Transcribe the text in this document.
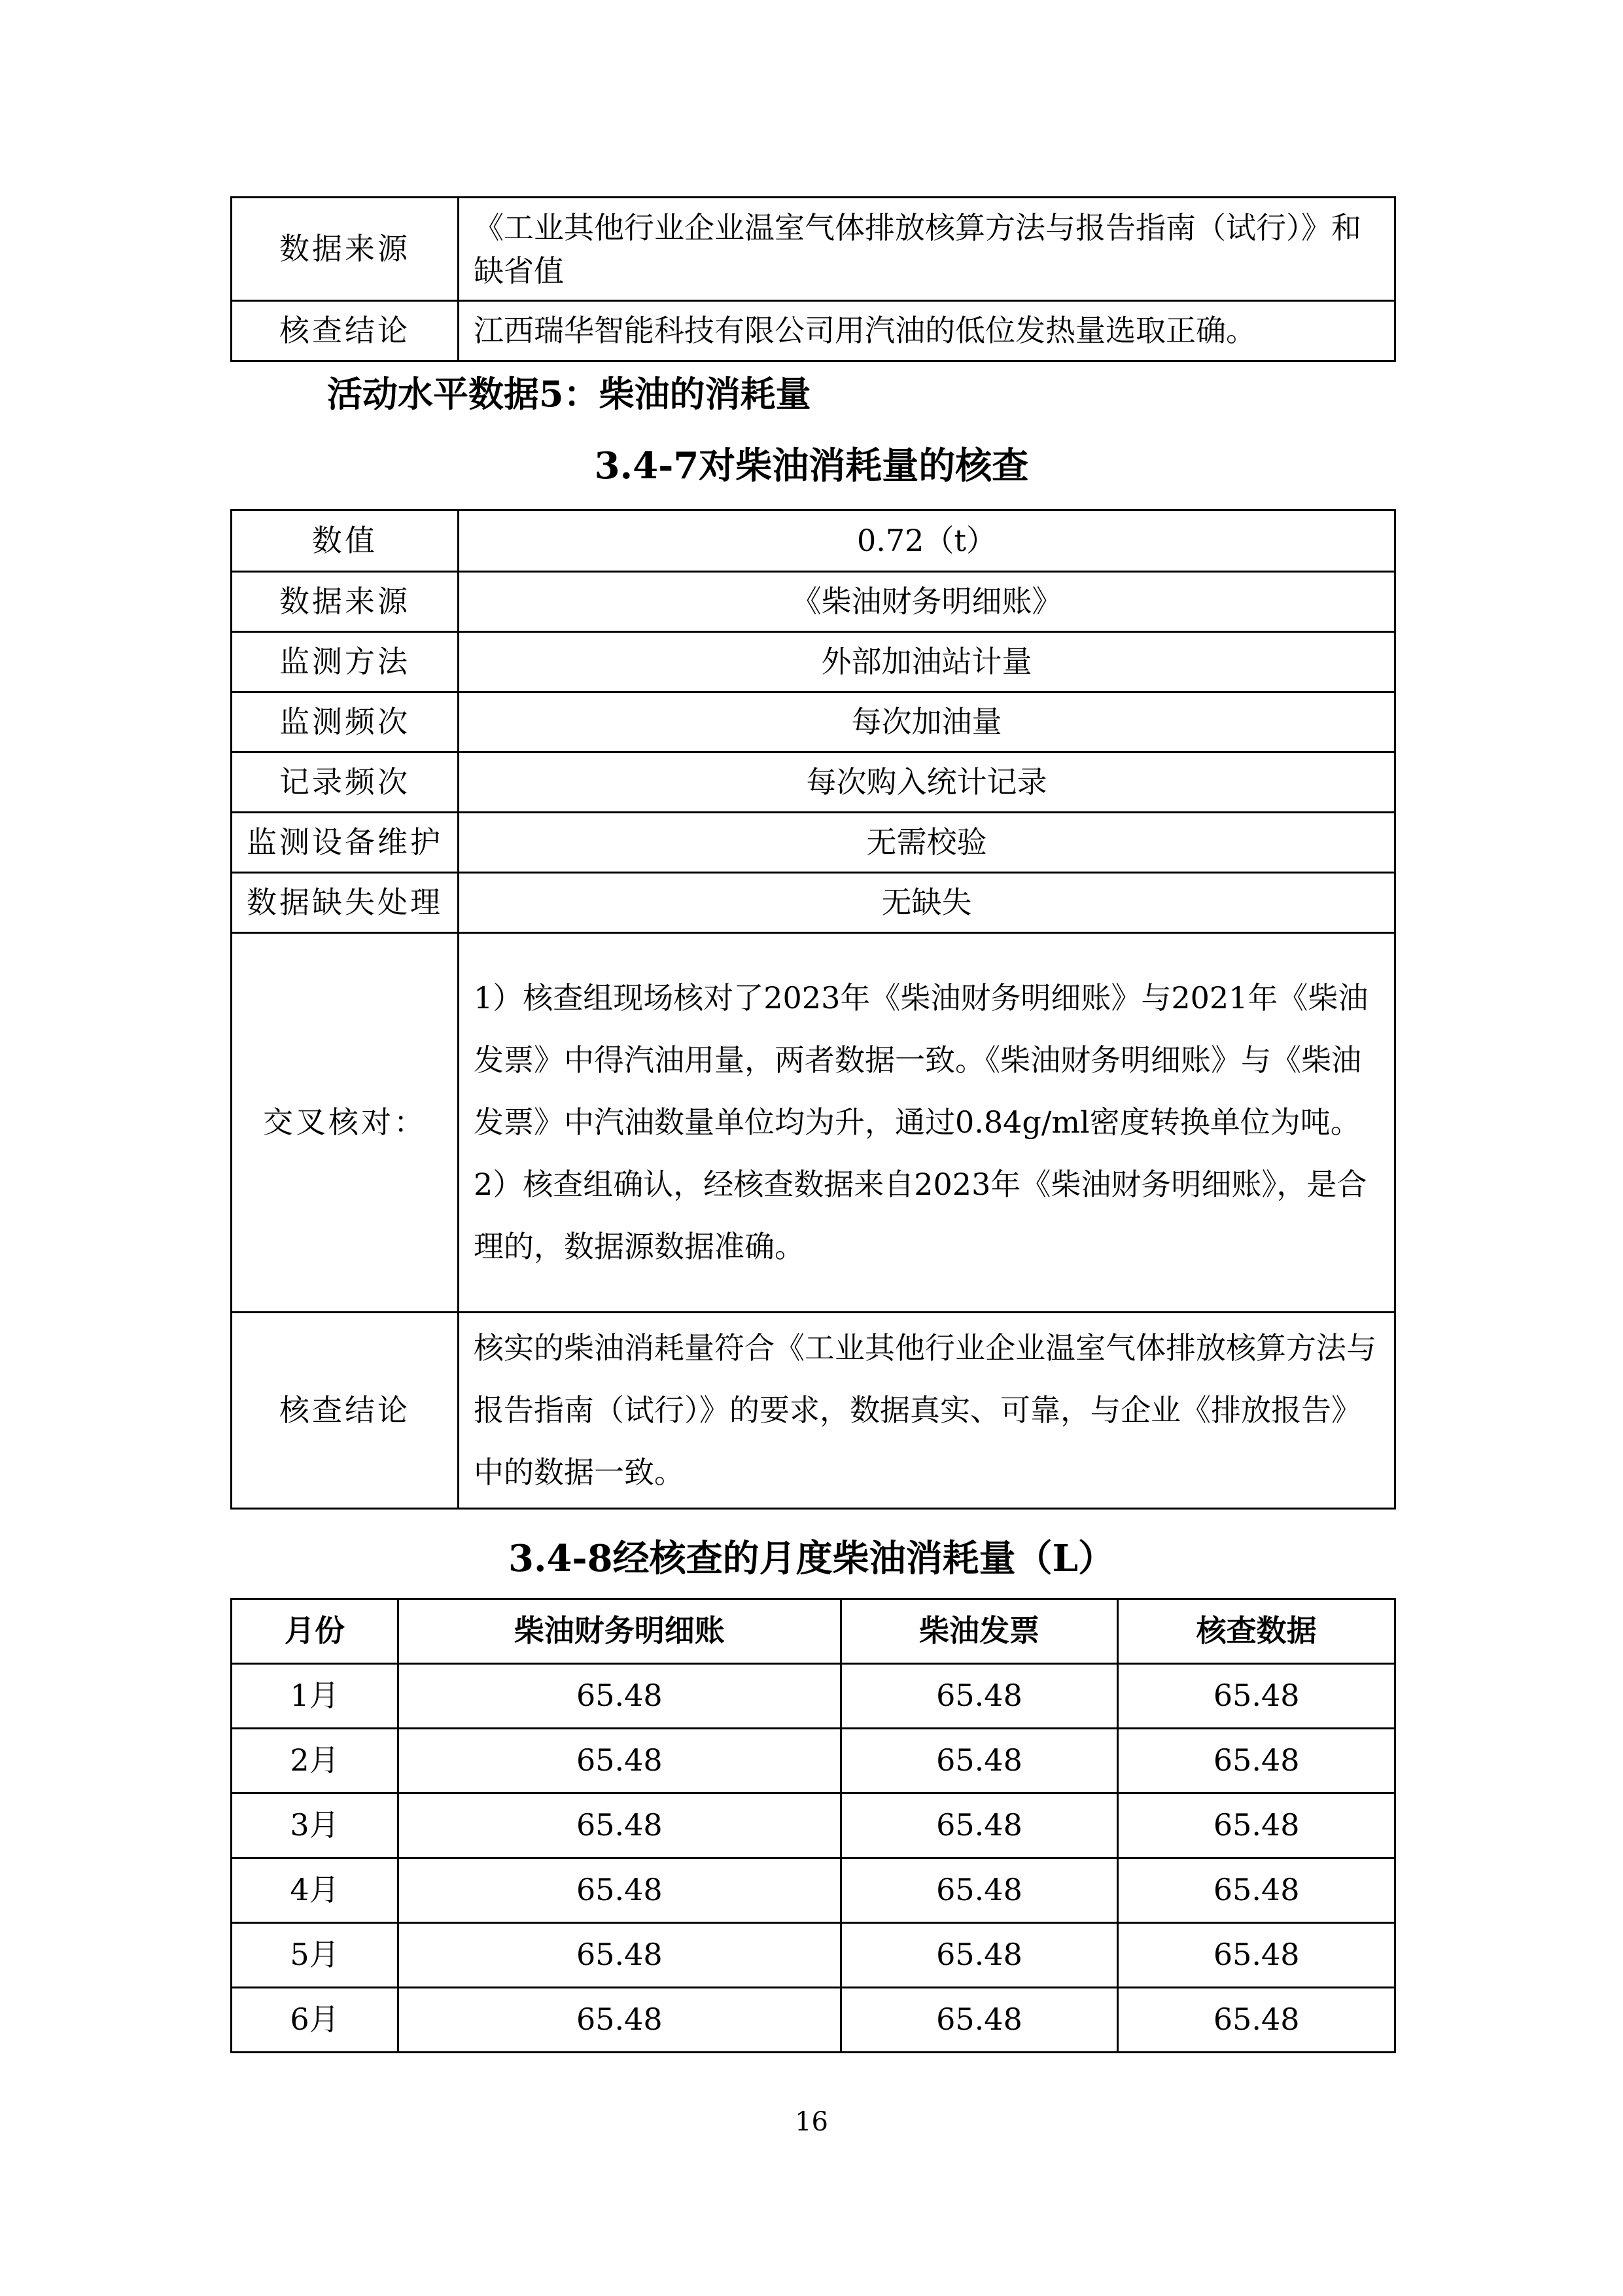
数据来源	《工业其他行业企业温室气体排放核算方法与报告指南（试行）》和缺省值
核查结论	江西瑞华智能科技有限公司用汽油的低位发热量选取正确。
活动水平数据5：柴油的消耗量
3.4-7对柴油消耗量的核查
数值	0.72（t）
数据来源	《柴油财务明细账》
监测方法	外部加油站计量
监测频次	每次加油量
记录频次	每次购入统计记录
监测设备维护	无需校验
数据缺失处理	无缺失
交叉核对：	1）核查组现场核对了2023年《柴油财务明细账》与2021年《柴油发票》中得汽油用量，两者数据一致。《柴油财务明细账》与《柴油发票》中汽油数量单位均为升，通过0.84g/ml密度转换单位为吨。

2）核查组确认，经核查数据来自2023年《柴油财务明细账》，是合理的，数据源数据准确。

核查结论	核实的柴油消耗量符合《工业其他行业企业温室气体排放核算方法与报告指南（试行）》的要求，数据真实、可靠，与企业《排放报告》中的数据一致。
3.4-8经核查的月度柴油消耗量（L）
月份	柴油财务明细账	柴油发票	核查数据
1月	65.48	65.48	65.48
2月	65.48	65.48	65.48
3月	65.48	65.48	65.48
4月	65.48	65.48	65.48
5月	65.48	65.48	65.48
6月	65.48	65.48	65.48
16
